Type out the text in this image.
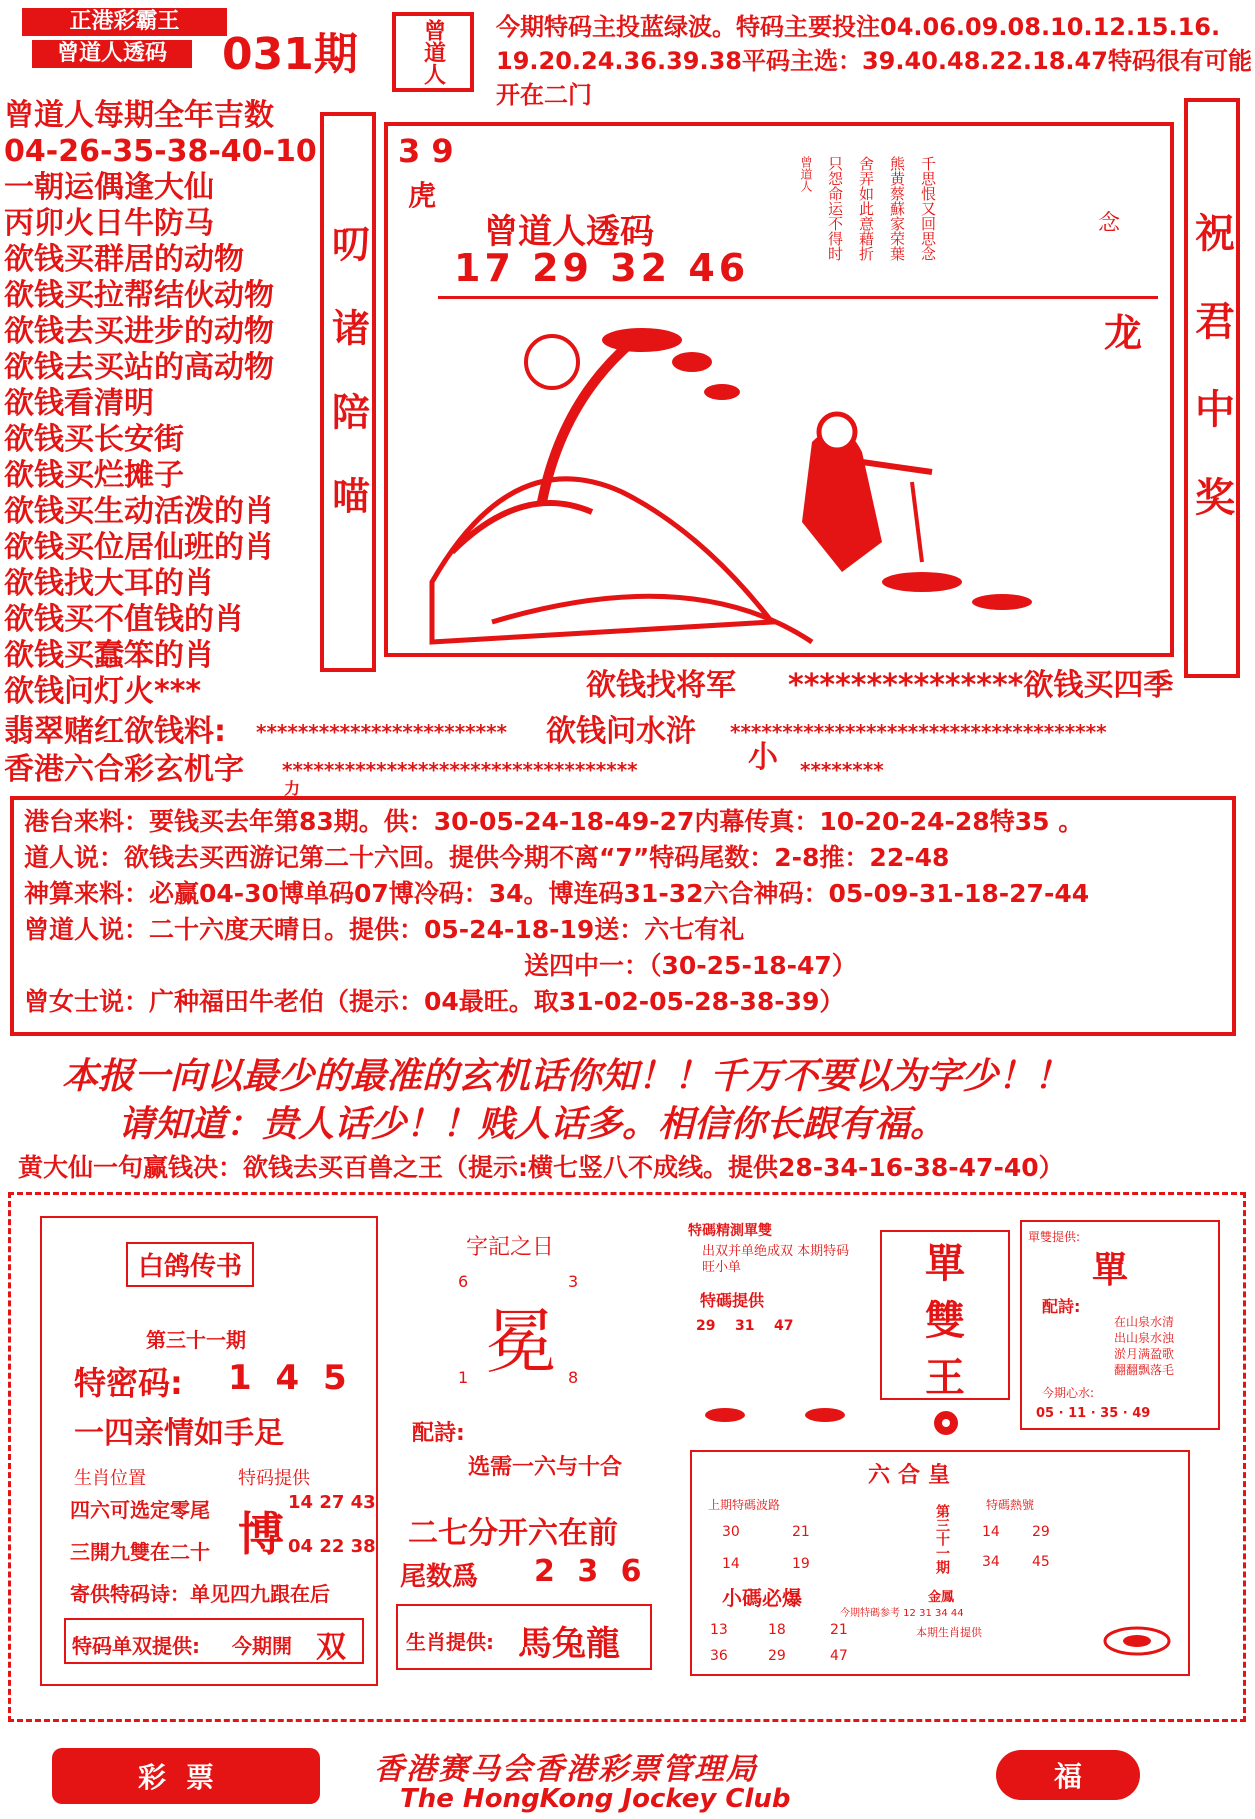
正港彩霸王
曾道人透码	031期	曾道人 今期特码主投蓝绿波。特码主要投注04.06.09.08.10.12.15.16.
19.20.24.36.39.38平码主选：39.40.48.22.18.47特码很有可能
开在二门
曾道人每期全年吉数
04-26-35-38-40-10
一朝运偶逢大仙
丙卯火日牛防马
欲钱买群居的动物
欲钱买拉帮结伙动物
欲钱去买进步的动物
欲钱去买站的高动物
欲钱看清明
欲钱买长安街
欲钱买烂摊子
欲钱买生动活泼的肖
欲钱买位居仙班的肖
欲钱找大耳的肖
欲钱买不值钱的肖
欲钱买蠢笨的肖
欲钱问灯火***
叨诸陪喵	祝君中奖
3 9
虎
曾道人透码
17 29 32 46
千思恨又回思念
熊黄蔡蘇家荣葉
舍弄如此意藉折
只怨命运不得时
曾道人
念
龙
欲钱找将军 ***************欲钱买四季
翡翠赌红欲钱料: ************************ 欲钱问水浒 ************************************
香港六合彩玄机字 **********************************	小 ********
力
港台来料：要钱买去年第83期。供：30-05-24-18-49-27内幕传真：10-20-24-28特35 。
道人说：欲钱去买西游记第二十六回。提供今期不离“7”特码尾数：2-8推：22-48
神算来料：必赢04-30博单码07博冷码：34。博连码31-32六合神码：05-09-31-18-27-44
曾道人说：二十六度天晴日。提供：05-24-18-19送：六七有礼
送四中一：（30-25-18-47）
曾女士说：广种福田牛老伯（提示：04最旺。取31-02-05-28-38-39）
本报一向以最少的最准的玄机话你知！！千万不要以为字少！！
请知道：贵人话少！！贱人话多。相信你长跟有福。
黄大仙一句赢钱决：欲钱去买百兽之王（提示:横七竖八不成线。提供28-34-16-38-47-40）
白鸽传书
第三十一期
特密码: 1 4 5
一四亲情如手足
生肖位置	特码提供
四六可选定零尾
三開九雙在二十 博
14 27 43
04 22 38
寄供特码诗：单见四九跟在后
特码单双提供: 今期開 双
字記之日
6	3
冕
1	8
配詩:
选需一六与十合
二七分开六在前
尾数爲 2 3 6
生肖提供: 馬兔龍
特碼精測單雙
出双并单绝成双 本期特码旺小单
特碼提供
29    31    47
單
雙
王
單雙提供:
單
配詩:
在山泉水清
出山泉水浊
淤月满盈歌
翻翻飘落毛
今期心水:
05 · 11 · 35 · 49
六合皇
上期特碼波路
30	21
14	19	第三十一期
金鳳
特碼熱號
14 29
34 45
小碼必爆
今期特碼参考 12 31 34 44
13	18	21
36	29	47
本期生肖提供
彩票	香港赛马会香港彩票管理局
The HongKong Jockey Club
福
